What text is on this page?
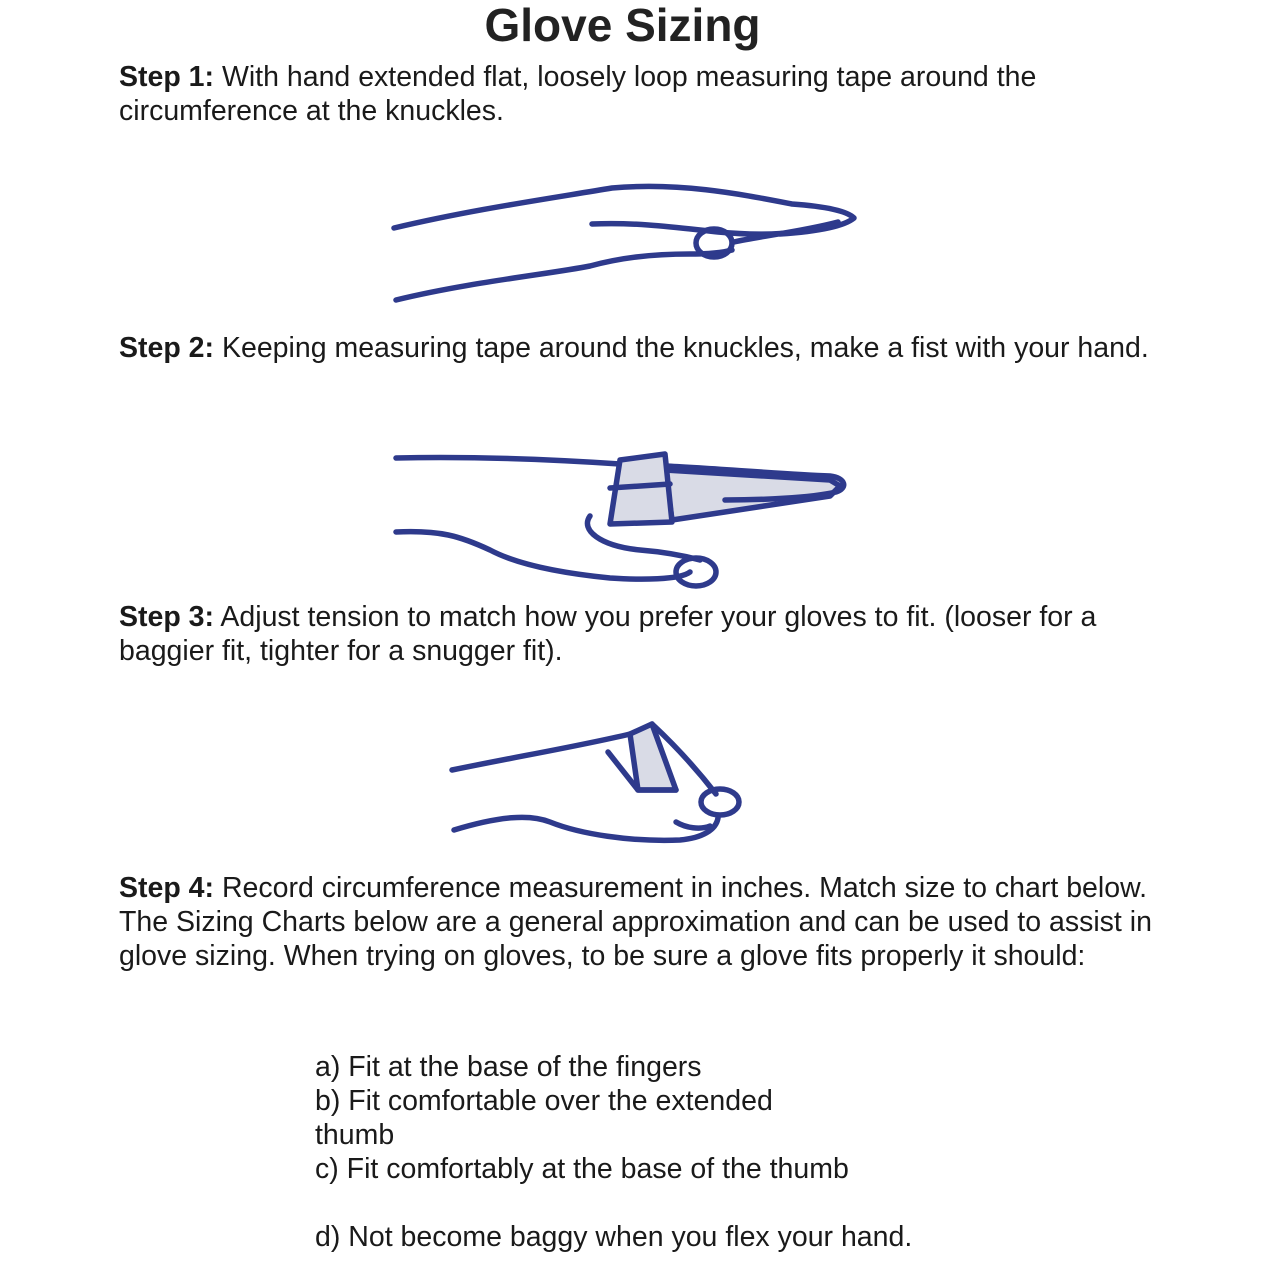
Glove Sizing

Step 1: With hand extended flat, loosely loop measuring tape around the circumference at the knuckles.

Step 2: Keeping measuring tape around the knuckles, make a fist with your hand.

Step 3: Adjust tension to match how you prefer your gloves to fit. (looser for a baggier fit, tighter for a snugger fit).

Step 4: Record circumference measurement in inches. Match size to chart below. The Sizing Charts below are a general approximation and can be used to assist in glove sizing. When trying on gloves, to be sure a glove fits properly it should:

a) Fit at the base of the fingers

b) Fit comfortable over the extended thumb

c) Fit comfortably at the base of the thumb

d) Not become baggy when you flex your hand.
